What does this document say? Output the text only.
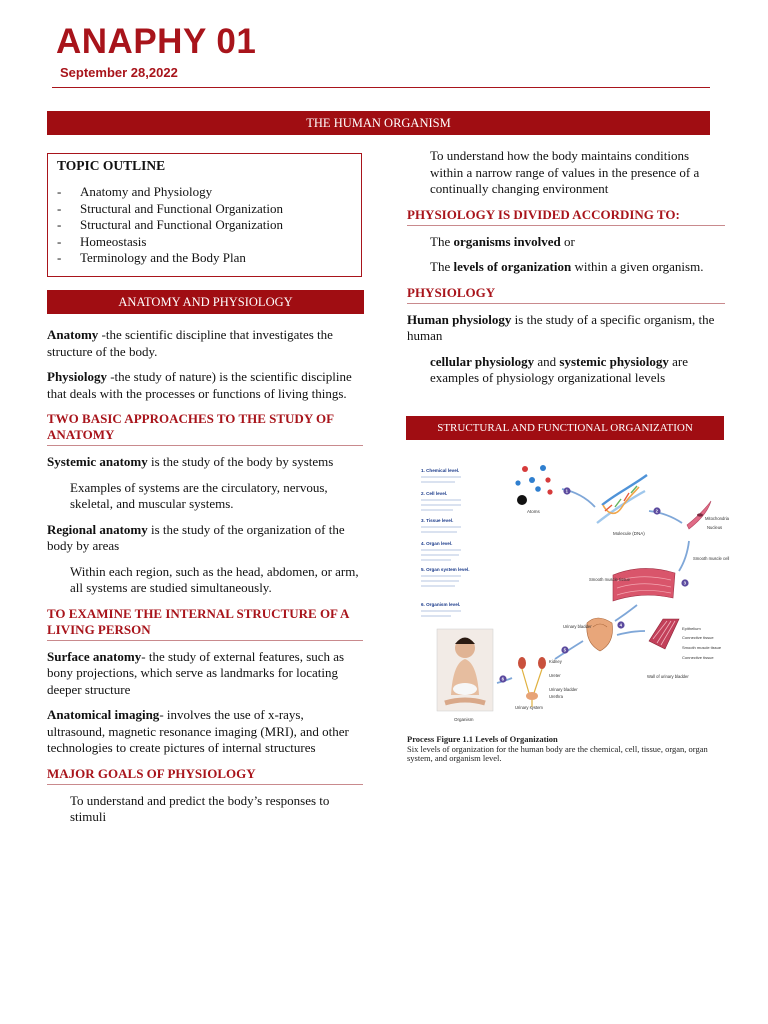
ANAPHY 01
September 28,2022
THE HUMAN ORGANISM
TOPIC OUTLINE
-	Anatomy and Physiology
-	Structural and Functional Organization
-	Structural and Functional Organization
-	Homeostasis
-	Terminology and the Body Plan
ANATOMY AND PHYSIOLOGY

Anatomy -the scientific discipline that investigates the structure of the body.

Physiology -the study of nature) is the scientific discipline that deals with the processes or functions of living things.

TWO BASIC APPROACHES TO THE STUDY OF ANATOMY

Systemic anatomy is the study of the body by systems

Examples of systems are the circulatory, nervous, skeletal, and muscular systems.

Regional anatomy is the study of the organization of the body by areas

Within each region, such as the head, abdomen, or arm, all systems are studied simultaneously.
TO EXAMINE THE INTERNAL STRUCTURE OF A LIVING PERSON

Surface anatomy- the study of external features, such as bony projections, which serve as landmarks for locating deeper structure

Anatomical imaging- involves the use of x-rays, ultrasound, magnetic resonance imaging (MRI), and other technologies to create pictures of internal structures

MAJOR GOALS OF PHYSIOLOGY
To understand and predict the body’s responses to stimuli
To understand how the body maintains conditions within a narrow range of values in the presence of a continually changing environment
PHYSIOLOGY IS DIVIDED ACCORDING TO:
The organisms involved or
The levels of organization within a given organism.
PHYSIOLOGY

Human physiology is the study of a specific organism, the human

cellular physiology and systemic physiology are examples of physiology organizational levels
STRUCTURAL AND FUNCTIONAL ORGANIZATION
1. Chemical level.
2. Cell level.
3. Tissue level.
4. Organ level.
5. Organ system level.
6. Organism level.
Atoms
Molecule (DNA)
Mitochondria
Nucleus
Smooth muscle cell
Smooth muscle tissue
Urinary bladder	Epithelium
Connective tissue
Smooth muscle tissue
Connective tissue
Wall of urinary bladder
Kidney
Ureter
Urinary bladder
Urethra
Urinary system
Organism
1
2
3
4
5
6
Process Figure 1.1 Levels of Organization
Six levels of organization for the human body are the chemical, cell, tissue, organ, organ system, and organism level.
